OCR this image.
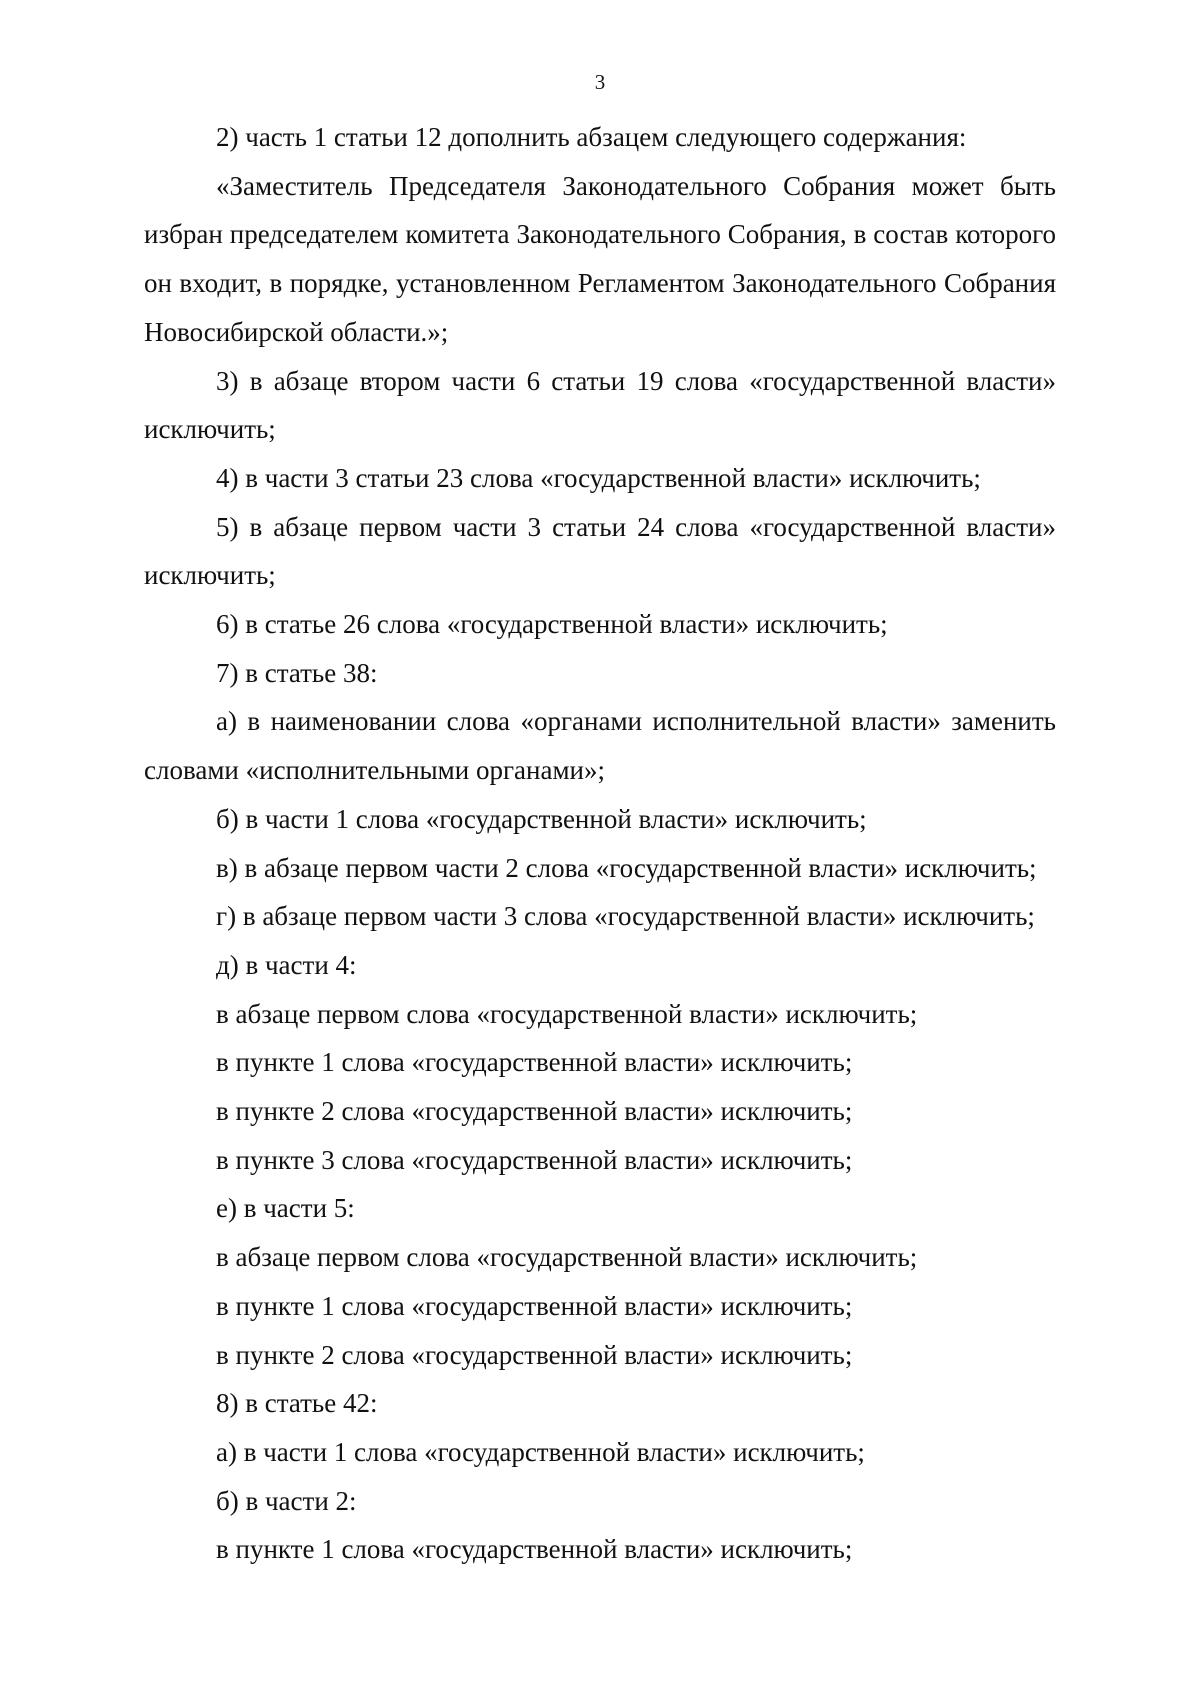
3

2) часть 1 статьи 12 дополнить абзацем следующего содержания:

«Заместитель Председателя Законодательного Собрания может быть избран председателем комитета Законодательного Собрания, в состав которого он входит, в порядке, установленном Регламентом Законодательного Собрания Новосибирской области.»;

3) в абзаце втором части 6 статьи 19 слова «государственной власти» исключить;

4) в части 3 статьи 23 слова «государственной власти» исключить;

5) в абзаце первом части 3 статьи 24 слова «государственной власти» исключить;

6) в статье 26 слова «государственной власти» исключить;

7) в статье 38:

а) в наименовании слова «органами исполнительной власти» заменить словами «исполнительными органами»;

б) в части 1 слова «государственной власти» исключить;

в) в абзаце первом части 2 слова «государственной власти» исключить;

г) в абзаце первом части 3 слова «государственной власти» исключить;

д) в части 4:

в абзаце первом слова «государственной власти» исключить;

в пункте 1 слова «государственной власти» исключить;

в пункте 2 слова «государственной власти» исключить;

в пункте 3 слова «государственной власти» исключить;

е) в части 5:

в абзаце первом слова «государственной власти» исключить;

в пункте 1 слова «государственной власти» исключить;

в пункте 2 слова «государственной власти» исключить;

8) в статье 42:

а) в части 1 слова «государственной власти» исключить;

б) в части 2:

в пункте 1 слова «государственной власти» исключить;
